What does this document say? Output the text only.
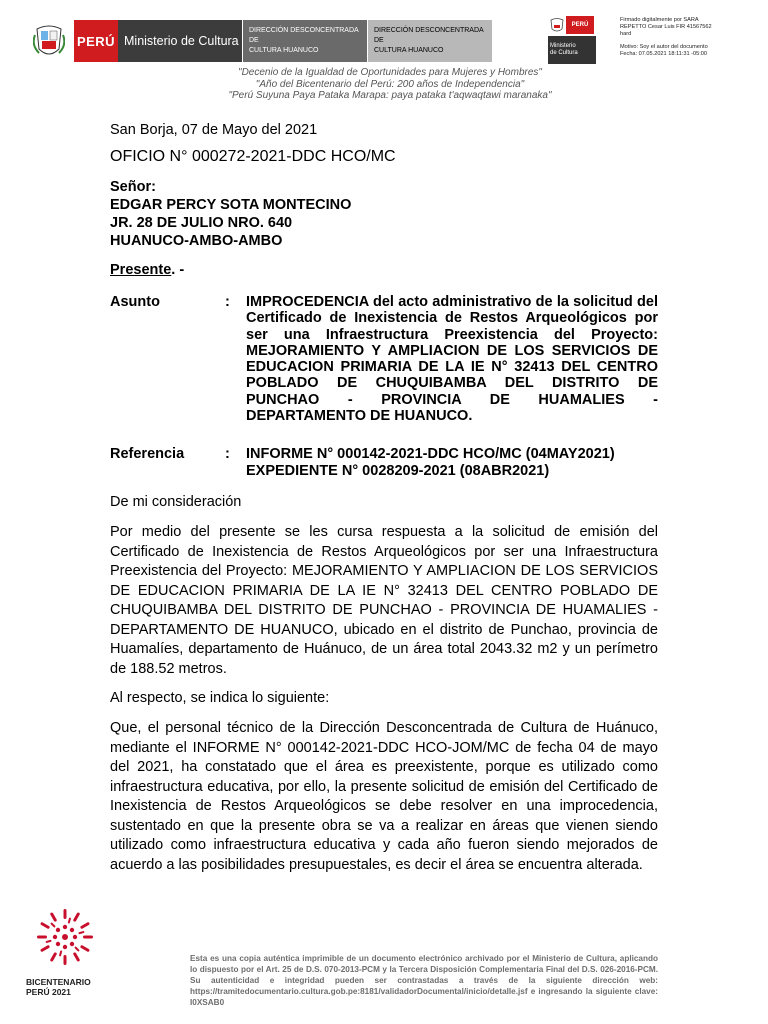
PERÚ Ministerio de Cultura
DIRECCIÓN DESCONCENTRADA DE
CULTURA HUANUCO
DIRECCIÓN DESCONCENTRADA DE
CULTURA HUANUCO
PERÚ
Ministerio
de Cultura
Firmado digitalmente por SARA
REPETTO Cesar Luis FIR 41567562
hard
Motivo: Soy el autor del documento
Fecha: 07.05.2021 18:11:31 -05:00
"Decenio de la Igualdad de Oportunidades para Mujeres y Hombres"
"Año del Bicentenario del Perú: 200 años de Independencia"
"Perú Suyuna Paya Pataka Marapa: paya pataka t'aqwaqtawi maranaka"
San Borja, 07 de Mayo del 2021
OFICIO N° 000272-2021-DDC HCO/MC
Señor:
EDGAR PERCY SOTA MONTECINO
JR. 28 DE JULIO NRO. 640
HUANUCO-AMBO-AMBO
Presente. -
Asunto	: IMPROCEDENCIA del acto administrativo de la solicitud del Certificado de Inexistencia de Restos Arqueológicos por ser una Infraestructura Preexistencia del Proyecto: MEJORAMIENTO Y AMPLIACION DE LOS SERVICIOS DE EDUCACION PRIMARIA DE LA IE N° 32413 DEL CENTRO POBLADO DE CHUQUIBAMBA DEL DISTRITO DE PUNCHAO - PROVINCIA DE HUAMALIES - DEPARTAMENTO DE HUANUCO.
Referencia	: INFORME N° 000142-2021-DDC HCO/MC (04MAY2021)
EXPEDIENTE N° 0028209-2021 (08ABR2021)
De mi consideración
Por medio del presente se les cursa respuesta a la solicitud de emisión del Certificado de Inexistencia de Restos Arqueológicos por ser una Infraestructura Preexistencia del Proyecto: MEJORAMIENTO Y AMPLIACION DE LOS SERVICIOS DE EDUCACION PRIMARIA DE LA IE N° 32413 DEL CENTRO POBLADO DE CHUQUIBAMBA DEL DISTRITO DE PUNCHAO - PROVINCIA DE HUAMALIES - DEPARTAMENTO DE HUANUCO, ubicado en el distrito de Punchao, provincia de Huamalíes, departamento de Huánuco, de un área total 2043.32 m2 y un perímetro de 188.52 metros.
Al respecto, se indica lo siguiente:
Que, el personal técnico de la Dirección Desconcentrada de Cultura de Huánuco, mediante el INFORME N° 000142-2021-DDC HCO-JOM/MC de fecha 04 de mayo del 2021, ha constatado que el área es preexistente, porque es utilizado como infraestructura educativa, por ello, la presente solicitud de emisión del Certificado de Inexistencia de Restos Arqueológicos se debe resolver en una improcedencia, sustentado en que la presente obra se va a realizar en áreas que vienen siendo utilizado como infraestructura educativa y cada año fueron siendo mejorados de acuerdo a las posibilidades presupuestales, es decir el área se encuentra alterada.
BICENTENARIO
PERÚ 2021
Esta es una copia auténtica imprimible de un documento electrónico archivado por el Ministerio de Cultura, aplicando lo dispuesto por el Art. 25 de D.S. 070-2013-PCM y la Tercera Disposición Complementaria Final del D.S. 026-2016-PCM. Su autenticidad e integridad pueden ser contrastadas a través de la siguiente dirección web: https://tramitedocumentario.cultura.gob.pe:8181/validadorDocumental/inicio/detalle.jsf e ingresando la siguiente clave: I0XSAB0
